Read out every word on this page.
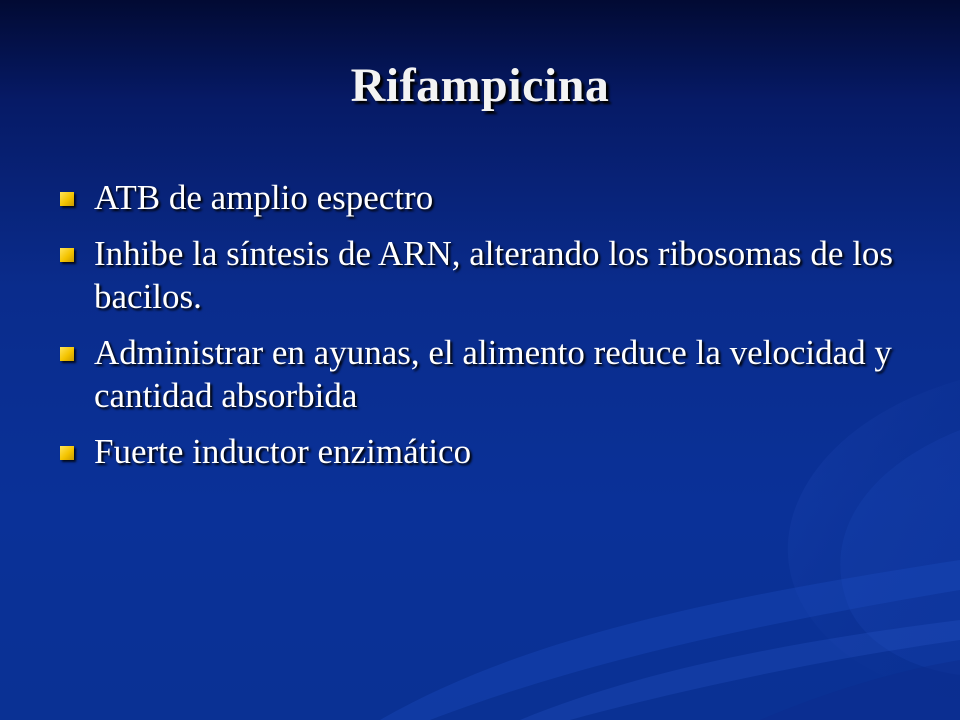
Rifampicina
ATB de amplio espectro
Inhibe la síntesis de ARN, alterando los ribosomas de los bacilos.
Administrar en ayunas, el alimento reduce la velocidad y cantidad absorbida
Fuerte inductor enzimático
